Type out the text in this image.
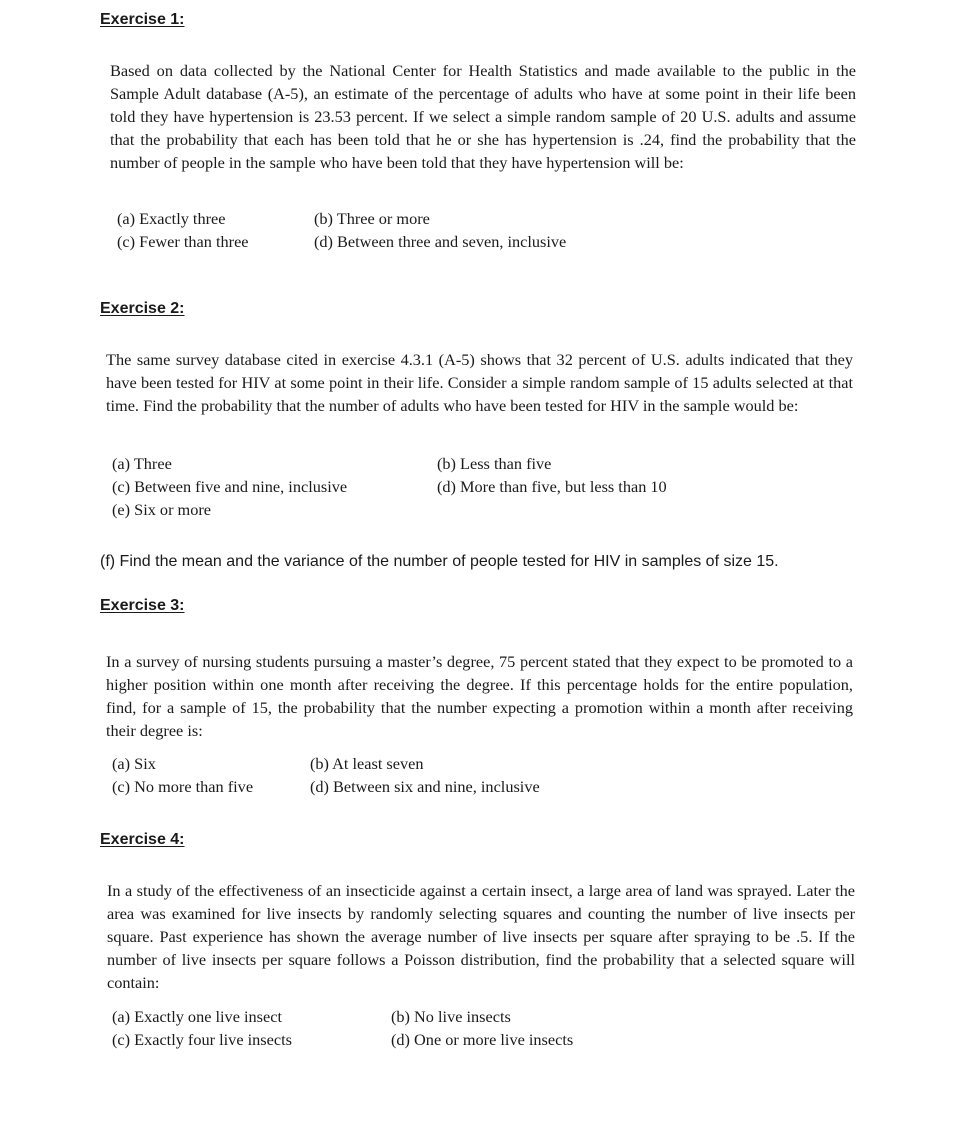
Exercise 1:

Based on data collected by the National Center for Health Statistics and made available to the public in the Sample Adult database (A-5), an estimate of the percentage of adults who have at some point in their life been told they have hypertension is 23.53 percent. If we select a simple random sample of 20 U.S. adults and assume that the probability that each has been told that he or she has hypertension is .24, find the probability that the number of people in the sample who have been told that they have hypertension will be:

(a) Exactly three	(b) Three or more
(c) Fewer than three	(d) Between three and seven, inclusive
Exercise 2:

The same survey database cited in exercise 4.3.1 (A-5) shows that 32 percent of U.S. adults indicated that they have been tested for HIV at some point in their life. Consider a simple random sample of 15 adults selected at that time. Find the probability that the number of adults who have been tested for HIV in the sample would be:

(a) Three	(b) Less than five
(c) Between five and nine, inclusive	(d) More than five, but less than 10
(e) Six or more

(f) Find the mean and the variance of the number of people tested for HIV in samples of size 15.

Exercise 3:

In a survey of nursing students pursuing a master’s degree, 75 percent stated that they expect to be promoted to a higher position within one month after receiving the degree. If this percentage holds for the entire population, find, for a sample of 15, the probability that the number expecting a promotion within a month after receiving their degree is:

(a) Six	(b) At least seven
(c) No more than five	(d) Between six and nine, inclusive
Exercise 4:

In a study of the effectiveness of an insecticide against a certain insect, a large area of land was sprayed. Later the area was examined for live insects by randomly selecting squares and counting the number of live insects per square. Past experience has shown the average number of live insects per square after spraying to be .5. If the number of live insects per square follows a Poisson distribution, find the probability that a selected square will contain:

(a) Exactly one live insect	(b) No live insects
(c) Exactly four live insects	(d) One or more live insects
